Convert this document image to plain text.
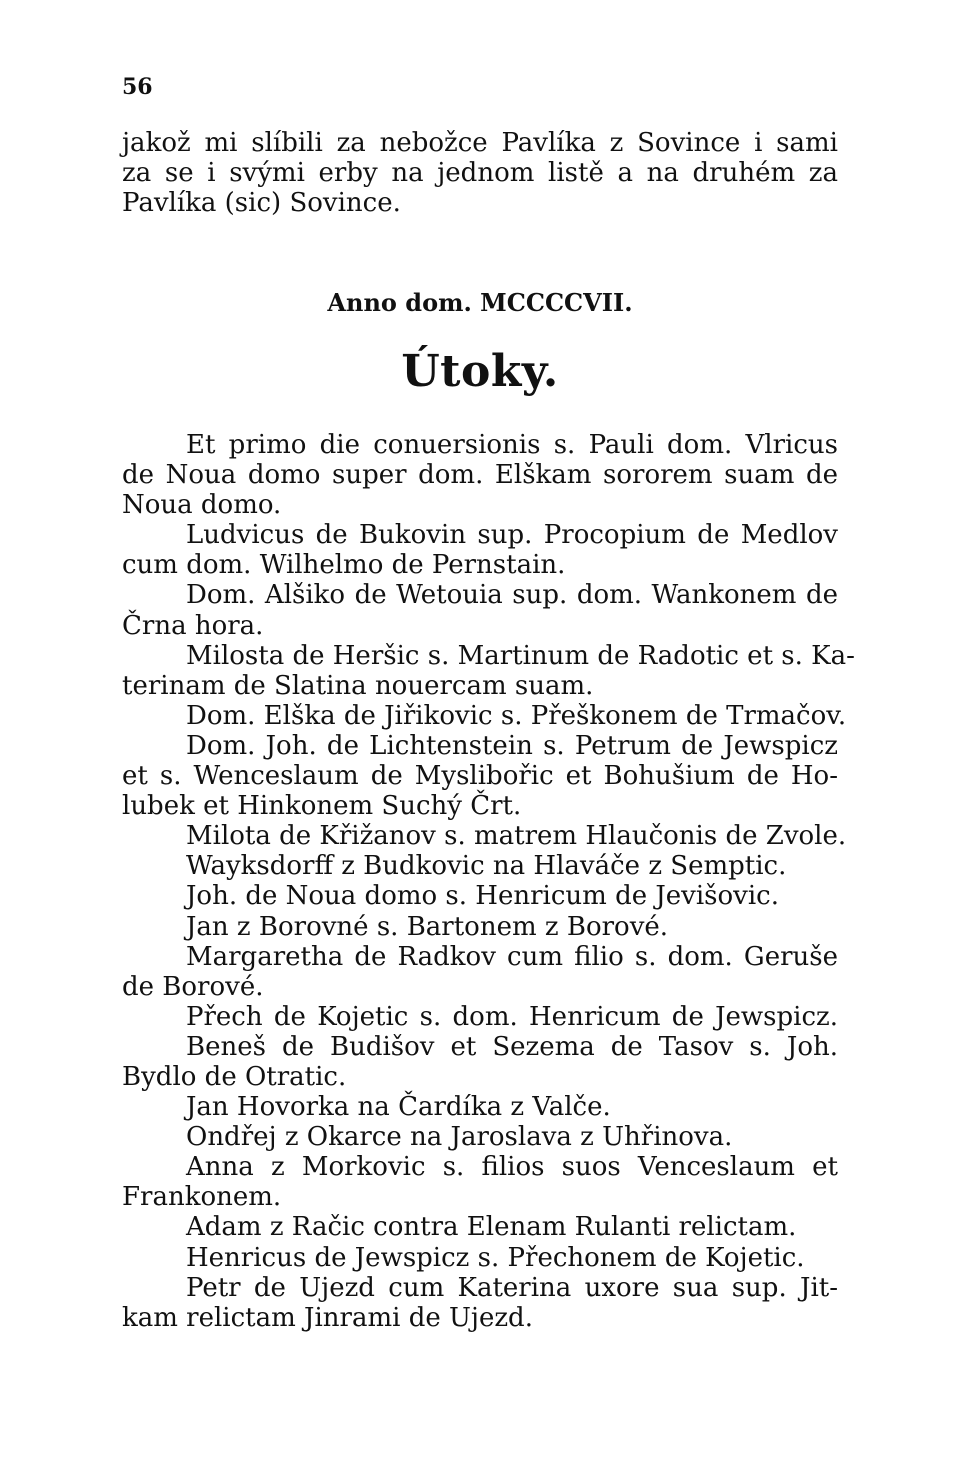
56
jakož mi slíbili za nebožce Pavlíka z Sovince i sami
za se i svými erby na jednom listě a na druhém za
Pavlíka (sic) Sovince.
Anno dom. MCCCCVII.
Útoky.
Et primo die conuersionis s. Pauli dom. Vlricus
de Noua domo super dom. Elškam sororem suam de
Noua domo.
Ludvicus de Bukovin sup. Procopium de Medlov
cum dom. Wilhelmo de Pernstain.
Dom. Alšiko de Wetouia sup. dom. Wankonem de
Črna hora.
Milosta de Heršic s. Martinum de Radotic et s. Ka-
terinam de Slatina nouercam suam.
Dom. Elška de Jiřikovic s. Přeškonem de Trmačov.
Dom. Joh. de Lichtenstein s. Petrum de Jewspicz
et s. Wenceslaum de Myslibořic et Bohušium de Ho-
lubek et Hinkonem Suchý Črt.
Milota de Křižanov s. matrem Hlaučonis de Zvole.
Wayksdorff z Budkovic na Hlaváče z Semptic.
Joh. de Noua domo s. Henricum de Jevišovic.
Jan z Borovné s. Bartonem z Borové.
Margaretha de Radkov cum filio s. dom. Geruše
de Borové.
Přech de Kojetic s. dom. Henricum de Jewspicz.
Beneš de Budišov et Sezema de Tasov s. Joh.
Bydlo de Otratic.
Jan Hovorka na Čardíka z Valče.
Ondřej z Okarce na Jaroslava z Uhřinova.
Anna z Morkovic s. filios suos Venceslaum et
Frankonem.
Adam z Račic contra Elenam Rulanti relictam.
Henricus de Jewspicz s. Přechonem de Kojetic.
Petr de Ujezd cum Katerina uxore sua sup. Jit-
kam relictam Jinrami de Ujezd.
